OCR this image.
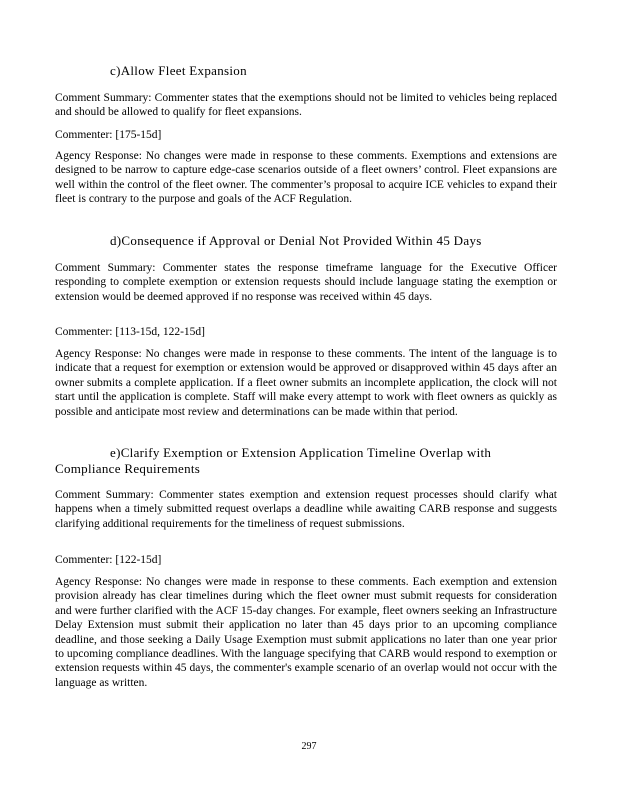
c)Allow Fleet Expansion

Comment Summary: Commenter states that the exemptions should not be limited to vehicles being replaced and should be allowed to qualify for fleet expansions.

Commenter: [175-15d]

Agency Response: No changes were made in response to these comments. Exemptions and extensions are designed to be narrow to capture edge-case scenarios outside of a fleet owners’ control. Fleet expansions are well within the control of the fleet owner. The commenter’s proposal to acquire ICE vehicles to expand their fleet is contrary to the purpose and goals of the ACF Regulation.

d)Consequence if Approval or Denial Not Provided Within 45 Days

Comment Summary: Commenter states the response timeframe language for the Executive Officer responding to complete exemption or extension requests should include language stating the exemption or extension would be deemed approved if no response was received within 45 days.

Commenter: [113-15d, 122-15d]

Agency Response: No changes were made in response to these comments. The intent of the language is to indicate that a request for exemption or extension would be approved or disapproved within 45 days after an owner submits a complete application. If a fleet owner submits an incomplete application, the clock will not start until the application is complete. Staff will make every attempt to work with fleet owners as quickly as possible and anticipate most review and determinations can be made within that period.

e)Clarify Exemption or Extension Application Timeline Overlap with
Compliance Requirements

Comment Summary: Commenter states exemption and extension request processes should clarify what happens when a timely submitted request overlaps a deadline while awaiting CARB response and suggests clarifying additional requirements for the timeliness of request submissions.

Commenter: [122-15d]

Agency Response: No changes were made in response to these comments. Each exemption and extension provision already has clear timelines during which the fleet owner must submit requests for consideration and were further clarified with the ACF 15-day changes. For example, fleet owners seeking an Infrastructure Delay Extension must submit their application no later than 45 days prior to an upcoming compliance deadline, and those seeking a Daily Usage Exemption must submit applications no later than one year prior to upcoming compliance deadlines. With the language specifying that CARB would respond to exemption or extension requests within 45 days, the commenter's example scenario of an overlap would not occur with the language as written.

297
